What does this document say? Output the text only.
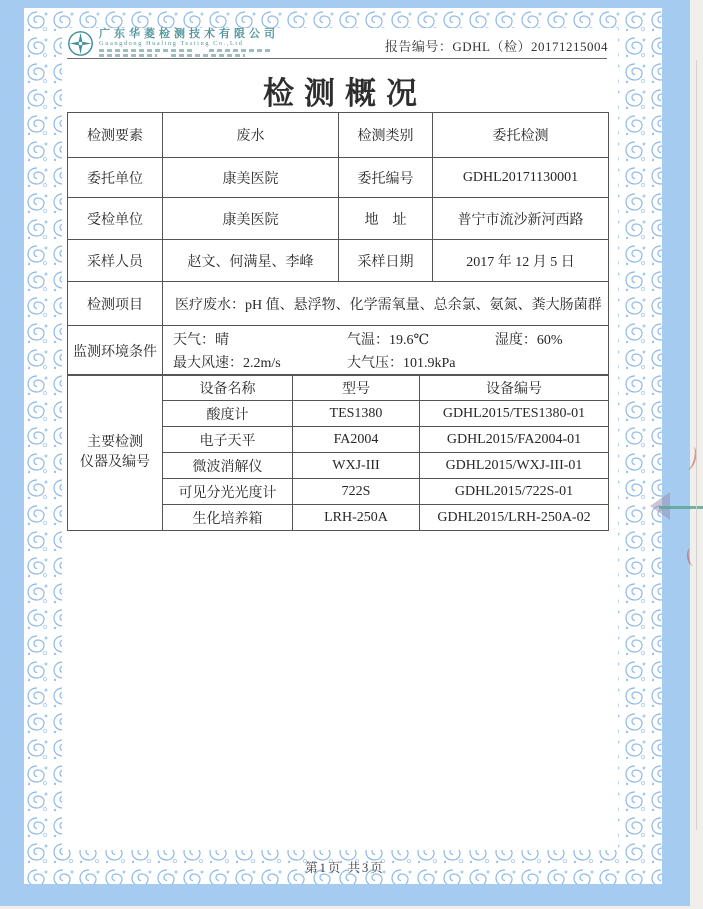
广东华菱检测技术有限公司
Guangdong Hualing Testing Co.,Ltd	报告编号：GDHL（检）20171215004
检测概况
检测要素	废水	检测类别	委托检测
委托单位	康美医院	委托编号	GDHL20171130001
受检单位	康美医院	地　址	普宁市流沙新河西路
采样人员	赵文、何满星、李峰	采样日期	2017 年 12 月 5 日
检测项目	医疗废水：pH 值、悬浮物、化学需氧量、总余氯、氨氮、粪大肠菌群		
监测环境条件	天气：晴 气温：19.6℃ 湿度：60%
最大风速：2.2m/s 大气压：101.9kPa		
主要检测
仪器及编号	设备名称	型号	设备编号
	酸度计	TES1380	GDHL2015/TES1380-01
	电子天平	FA2004	GDHL2015/FA2004-01
	微波消解仪	WXJ-III	GDHL2015/WXJ-III-01
	可见分光光度计	722S	GDHL2015/722S-01
	生化培养箱	LRH-250A	GDHL2015/LRH-250A-02
第1页 共3页
